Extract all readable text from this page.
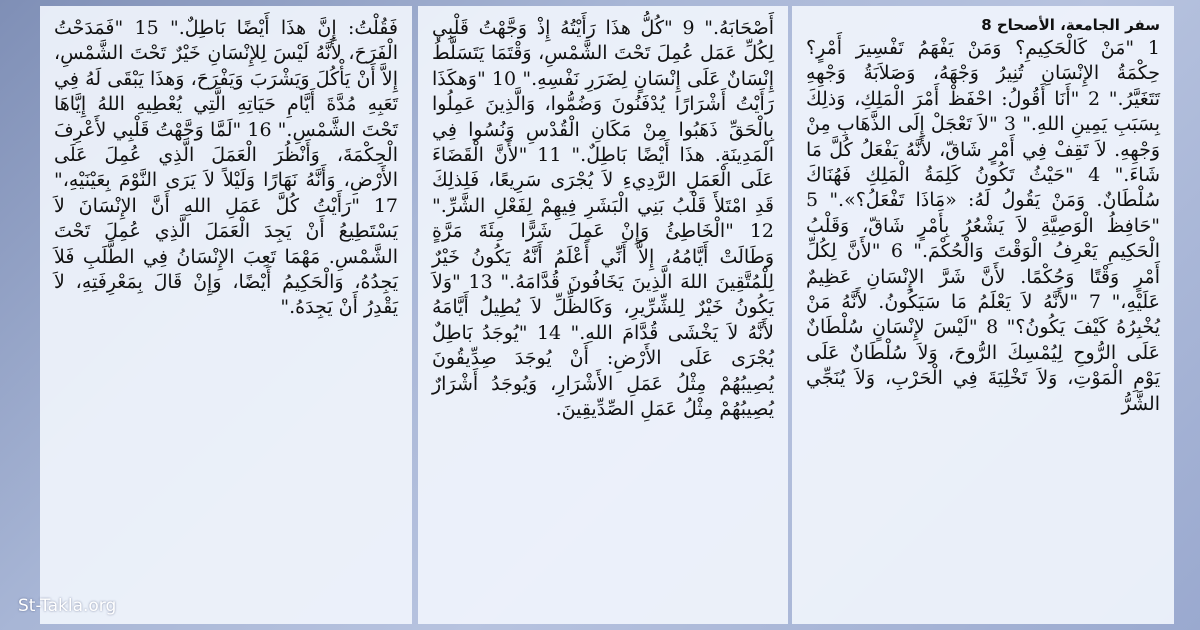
سفر الجامعة، الأصحاح 8

1 "مَنْ كَالْحَكِيمِ؟ وَمَنْ يَفْهَمُ تَفْسِيرَ أَمْرٍ؟ حِكْمَةُ الإِنْسَانِ تُنِيرُ وَجْهَهُ، وَصَلاَبَةُ وَجْهِهِ تَتَغَيَّرُ." 2 "أَنَا أَقُولُ: احْفَظْ أَمْرَ الْمَلِكِ، وَذلِكَ بِسَبَبِ يَمِينِ اللهِ." 3 "لاَ تَعْجَلْ إِلَى الذَّهَابِ مِنْ وَجْهِهِ. لاَ تَقِفْ فِي أَمْرٍ شَاقّ، لأَنَّهُ يَفْعَلُ كُلَّ مَا شَاءَ." 4 "حَيْثُ تَكُونُ كَلِمَةُ الْمَلِكِ فَهُنَاكَ سُلْطَانٌ. وَمَنْ يَقُولُ لَهُ: «مَاذَا تَفْعَلُ؟»." 5 "حَافِظُ الْوَصِيَّةِ لاَ يَشْعُرُ بِأَمْرٍ شَاقّ، وَقَلْبُ الْحَكِيمِ يَعْرِفُ الْوَقْتَ وَالْحُكْمَ." 6 "لأَنَّ لِكُلِّ أَمْرٍ وَقْتًا وَحُكْمًا. لأَنَّ شَرَّ الإِنْسَانِ عَظِيمٌ عَلَيْهِ،" 7 "لأَنَّهُ لاَ يَعْلَمُ مَا سَيَكُونُ. لأَنَّهُ مَنْ يُخْبِرُهُ كَيْفَ يَكُونُ؟" 8 "لَيْسَ لإِنْسَانٍ سُلْطَانٌ عَلَى الرُّوحِ لِيُمْسِكَ الرُّوحَ، وَلاَ سُلْطَانٌ عَلَى يَوْمِ الْمَوْتِ، وَلاَ تَخْلِيَةَ فِي الْحَرْبِ، وَلاَ يُنَجِّي الشَّرُّ

أَصْحَابَهُ." 9 "كُلُّ هذَا رَأَيْتُهُ إِذْ وَجَّهْتُ قَلْبِي لِكُلِّ عَمَل عُمِلَ تَحْتَ الشَّمْسِ، وَقْتَمَا يَتَسَلَّطُ إِنْسَانٌ عَلَى إِنْسَانٍ لِضَرَرِ نَفْسِهِ." 10 "وَهكَذَا رَأَيْتُ أَشْرَارًا يُدْفَنُونَ وَضُمُّوا، وَالَّذِينَ عَمِلُوا بِالْحَقِّ ذَهَبُوا مِنْ مَكَانِ الْقُدْسِ وَنُسُوا فِي الْمَدِينَةِ. هذَا أَيْضًا بَاطِلٌ." 11 "لأَنَّ الْقَضَاءَ عَلَى الْعَمَلِ الرَّدِيءِ لاَ يُجْرَى سَرِيعًا، فَلِذلِكَ قَدِ امْتَلأَ قَلْبُ بَنِي الْبَشَرِ فِيهِمْ لِفَعْلِ الشَّرِّ." 12 "الْخَاطِئُ وَإِنْ عَمِلَ شَرًّا مِئَةَ مَرَّةٍ وَطَالَتْ أَيَّامُهُ، إِلاَّ أَنِّي أَعْلَمُ أَنَّهُ يَكُونُ خَيْرٌ لِلْمُتَّقِينَ اللهَ الَّذِينَ يَخَافُونَ قُدَّامَهُ." 13 "وَلاَ يَكُونُ خَيْرٌ لِلشِّرِّيرِ، وَكَالظِّلِّ لاَ يُطِيلُ أَيَّامَهُ لأَنَّهُ لاَ يَخْشَى قُدَّامَ اللهِ." 14 "يُوجَدُ بَاطِلٌ يُجْرَى عَلَى الأَرْضِ: أَنْ يُوجَدَ صِدِّيقُونَ يُصِيبُهُمْ مِثْلُ عَمَلِ الأَشْرَارِ، وَيُوجَدُ أَشْرَارٌ يُصِيبُهُمْ مِثْلُ عَمَلِ الصِّدِّيقِينَ.

فَقُلْتُ: إِنَّ هذَا أَيْضًا بَاطِلٌ." 15 "فَمَدَحْتُ الْفَرَحَ، لأَنَّهُ لَيْسَ لِلإِنْسَانِ خَيْرٌ تَحْتَ الشَّمْسِ، إِلاَّ أَنْ يَأْكُلَ وَيَشْرَبَ وَيَفْرَحَ، وَهذَا يَبْقَى لَهُ فِي تَعَبِهِ مُدَّةَ أَيَّامِ حَيَاتِهِ الَّتِي يُعْطِيهِ اللهُ إِيَّاهَا تَحْتَ الشَّمْسِ." 16 "لَمَّا وَجَّهْتُ قَلْبِي لأَعْرِفَ الْحِكْمَةَ، وَأَنْظُرَ الْعَمَلَ الَّذِي عُمِلَ عَلَى الأَرْضِ، وَأَنَّهُ نَهَارًا وَلَيْلاً لاَ يَرَى النَّوْمَ بِعَيْنَيْهِ،" 17 "رَأَيْتُ كُلَّ عَمَلِ اللهِ أَنَّ الإِنْسَانَ لاَ يَسْتَطِيعُ أَنْ يَجِدَ الْعَمَلَ الَّذِي عُمِلَ تَحْتَ الشَّمْسِ. مَهْمَا تَعِبَ الإِنْسَانُ فِي الطَّلَبِ فَلاَ يَجِدُهُ، وَالْحَكِيمُ أَيْضًا، وَإِنْ قَالَ بِمَعْرِفَتِهِ، لاَ يَقْدِرُ أَنْ يَجِدَهُ."

St-Takla.org
